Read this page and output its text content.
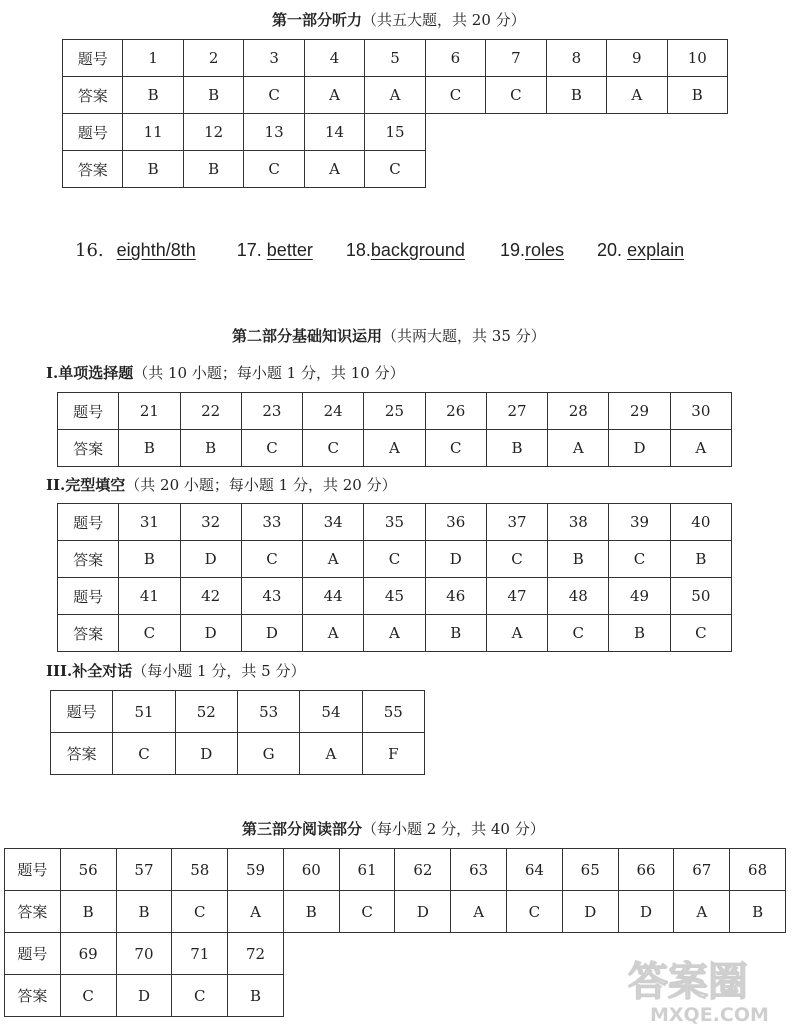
第一部分听力（共五大题，共 20 分）
题号	1	2	3	4	5	6	7	8	9	10
答案	B	B	C	A	A	C	C	B	A	B
题号	11	12	13	14	15					
答案	B	B	C	A	C					
16. eighth/8th 17. better 18.background 19.roles 20. explain
第二部分基础知识运用（共两大题，共 35 分）
I.单项选择题（共 10 小题；每小题 1 分，共 10 分）
题号	21	22	23	24	25	26	27	28	29	30
答案	B	B	C	C	A	C	B	A	D	A
II.完型填空（共 20 小题；每小题 1 分，共 20 分）
题号	31	32	33	34	35	36	37	38	39	40
答案	B	D	C	A	C	D	C	B	C	B
题号	41	42	43	44	45	46	47	48	49	50
答案	C	D	D	A	A	B	A	C	B	C
III.补全对话（每小题 1 分，共 5 分）
题号	51	52	53	54	55
答案	C	D	G	A	F
第三部分阅读部分（每小题 2 分，共 40 分）
题号	56	57	58	59	60	61	62	63	64	65	66	67	68
答案	B	B	C	A	B	C	D	A	C	D	D	A	B
题号	69	70	71	72									
答案	C	D	C	B										答案圈
MXQE.COM
